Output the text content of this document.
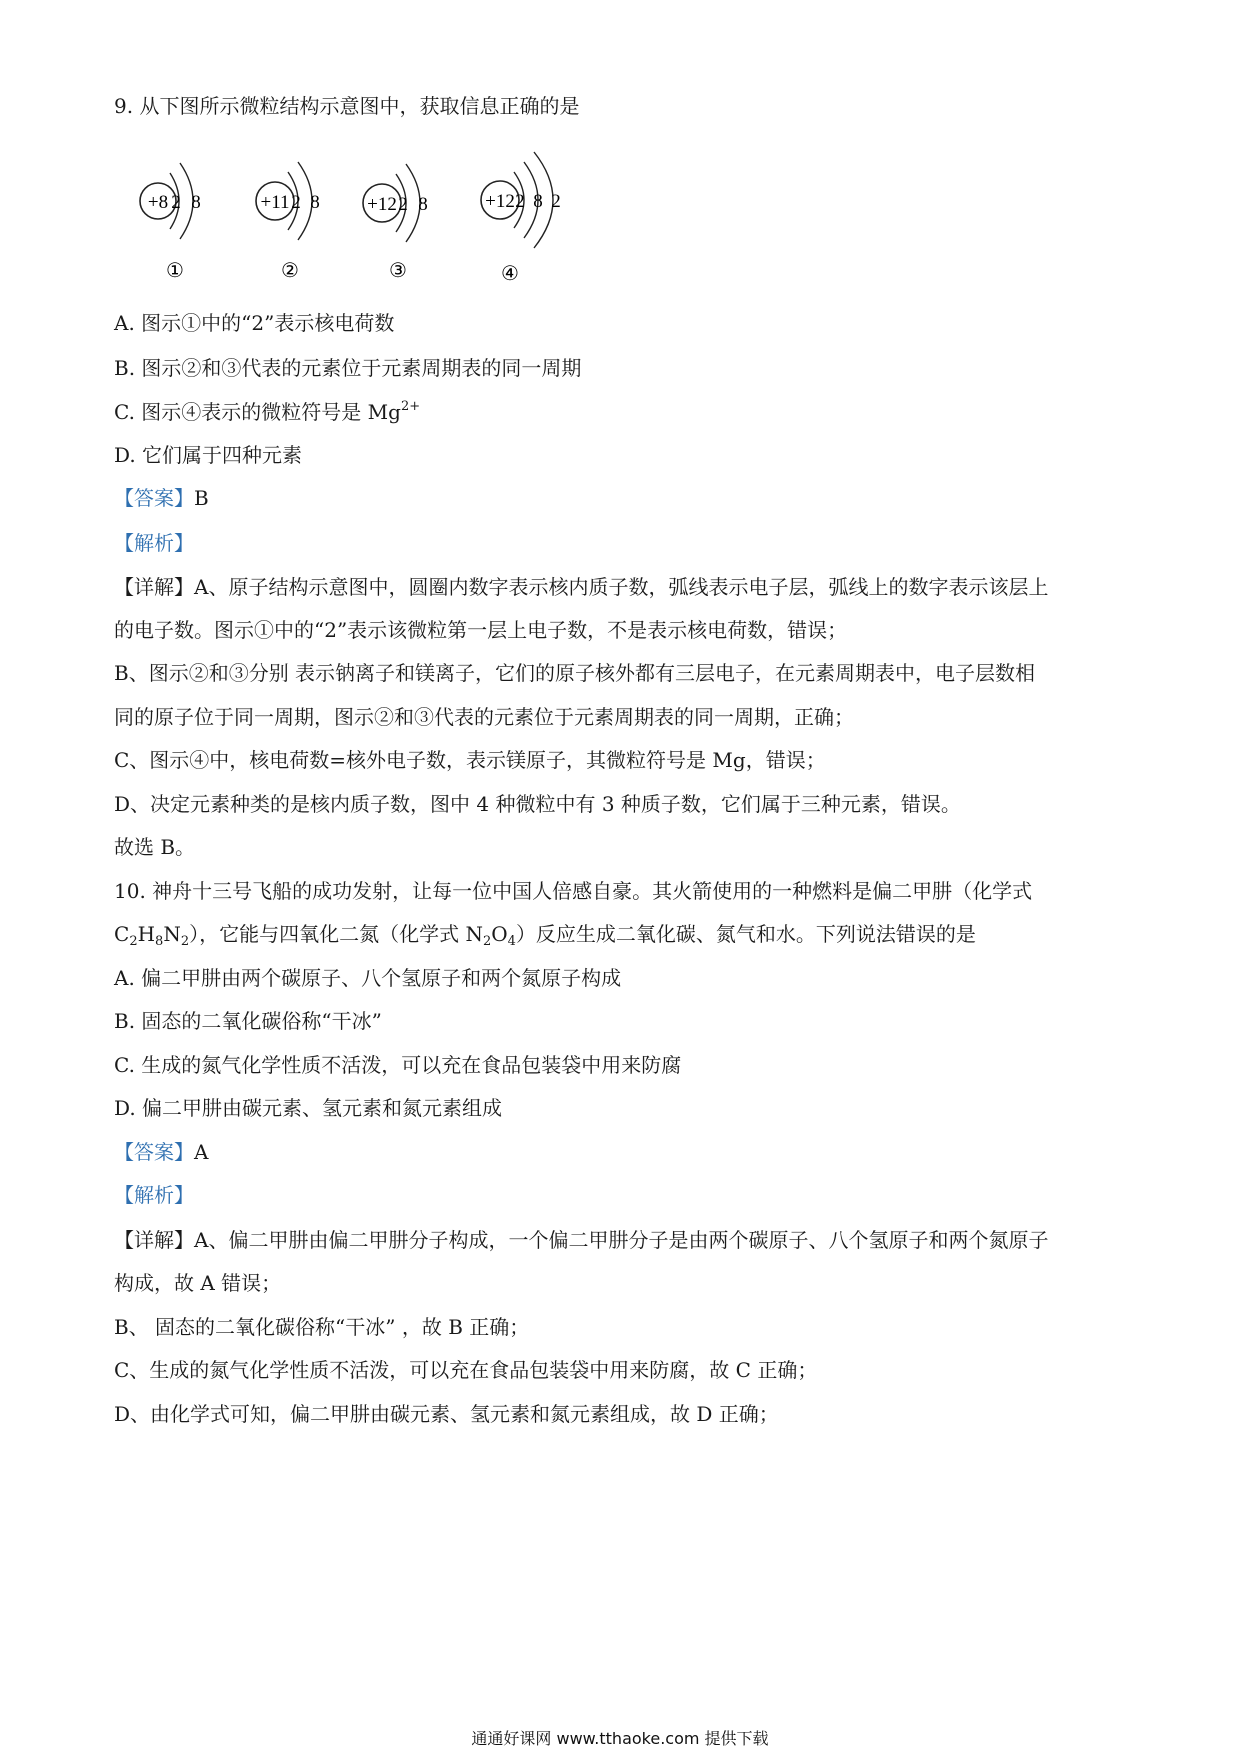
9. 从下图所示微粒结构示意图中，获取信息正确的是
+8 2 8
①
+11 2 8
②
+12 2 8
③
+12 2 8 2
④
A. 图示①中的“2”表示核电荷数
B. 图示②和③代表的元素位于元素周期表的同一周期
C. 图示④表示的微粒符号是 $Mg^{2+}$
D. 它们属于四种元素
【答案】B
【解析】
【详解】A、原子结构示意图中，圆圈内数字表示核内质子数，弧线表示电子层，弧线上的数字表示该层上
的电子数。图示①中的“2”表示该微粒第一层上电子数，不是表示核电荷数，错误；
B、图示②和③分别 表示钠离子和镁离子，它们的原子核外都有三层电子，在元素周期表中，电子层数相
同的原子位于同一周期，图示②和③代表的元素位于元素周期表的同一周期，正确；
C、图示④中，核电荷数=核外电子数，表示镁原子，其微粒符号是 Mg，错误；
D、决定元素种类的是核内质子数，图中 4 种微粒中有 3 种质子数，它们属于三种元素，错误。
故选 B。
10. 神舟十三号飞船的成功发射，让每一位中国人倍感自豪。其火箭使用的一种燃料是偏二甲肼（化学式
$C_2H_8N_2$），它能与四氧化二氮（化学式 $N_2O_4$）反应生成二氧化碳、氮气和水。下列说法错误的是
A. 偏二甲肼由两个碳原子、八个氢原子和两个氮原子构成
B. 固态的二氧化碳俗称“干冰”
C. 生成的氮气化学性质不活泼，可以充在食品包装袋中用来防腐
D. 偏二甲肼由碳元素、氢元素和氮元素组成
【答案】A
【解析】
【详解】A、偏二甲肼由偏二甲肼分子构成，一个偏二甲肼分子是由两个碳原子、八个氢原子和两个氮原子
构成，故 A 错误；
B、 固态的二氧化碳俗称“干冰” ，故 B 正确；
C、生成的氮气化学性质不活泼，可以充在食品包装袋中用来防腐，故 C 正确；
D、由化学式可知，偏二甲肼由碳元素、氢元素和氮元素组成，故 D 正确；
通通好课网 www.tthaoke.com 提供下载
